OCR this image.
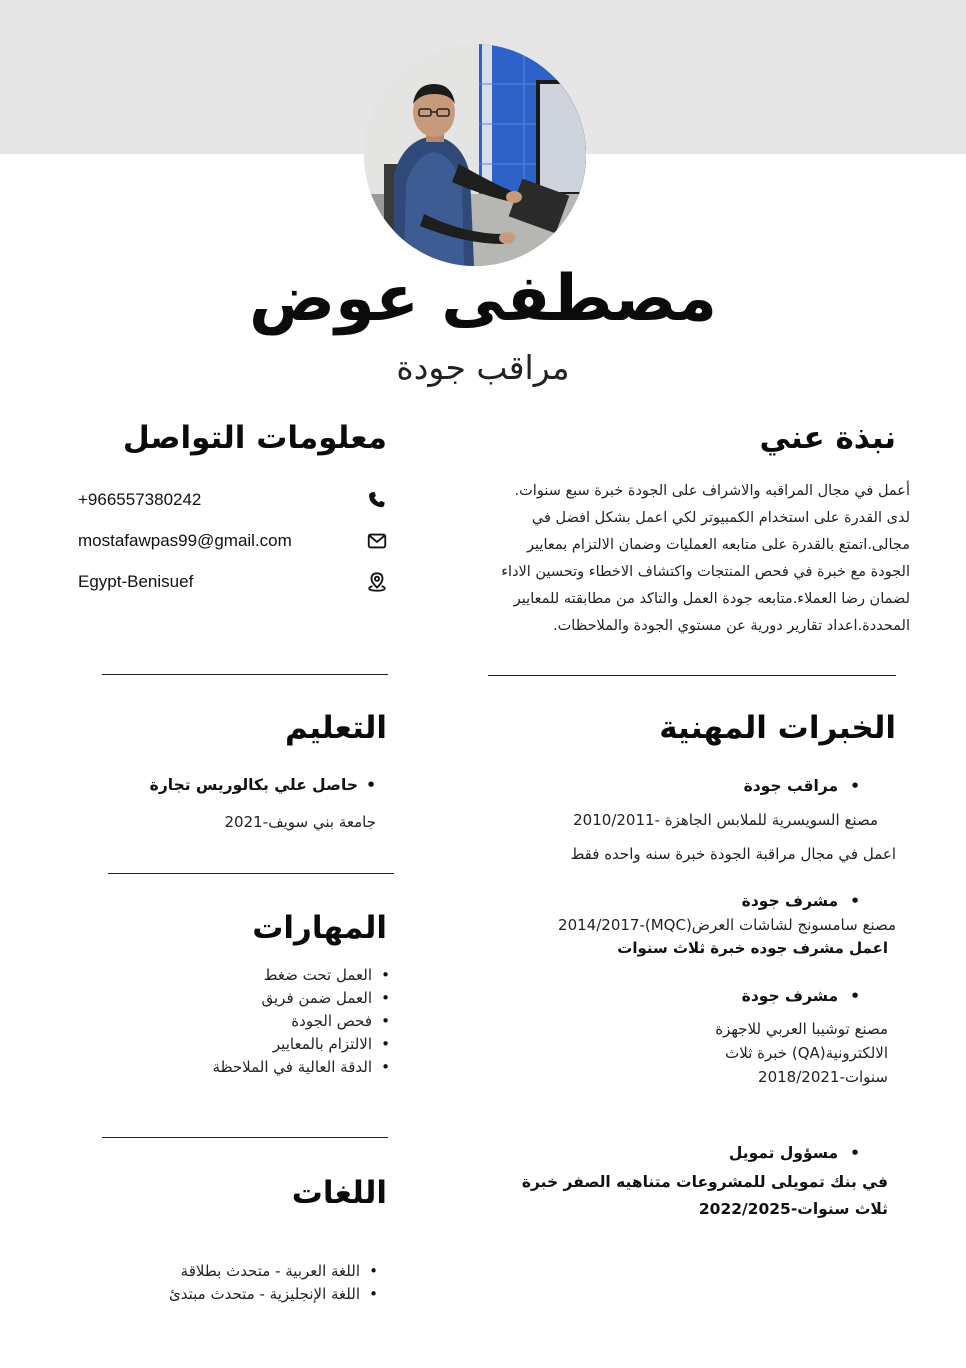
مصطفى عوض
مراقب جودة
نبذة عني
أعمل في مجال المراقبه والاشراف على الجودة خبرة سبع سنوات. لدى القدرة على استخدام الكمبيوتر لكي اعمل بشكل افضل في مجالى.اتمتع بالقدرة على متابعه العمليات وضمان الالتزام بمعايير الجودة مع خبرة في فحص المنتجات واكتشاف الاخطاء وتحسين الاداء لضمان رضا العملاء.متابعه جودة العمل والتاكد من مطابقته للمعايير المحددة.اعداد تقارير دورية عن مستوي الجودة والملاحظات.
معلومات التواصل
+966557380242
mostafawpas99@gmail.com
Egypt-Benisuef
الخبرات المهنية
• مراقب جودة
مصنع السويسرية للملابس الجاهزة -2010/2011
اعمل في مجال مراقبة الجودة خبرة سنه واحده فقط
• مشرف جودة
مصنع سامسونج لشاشات العرض(MQC)-2014/2017
اعمل مشرف جوده خبرة ثلاث سنوات
• مشرف جودة
مصنع توشيبا العربي للاجهزة الالكترونية(QA) خبرة ثلاث سنوات-2018/2021
• مسؤول تمويل
في بنك تمويلى للمشروعات متناهيه الصفر خبرة ثلاث سنوات-2022/2025
التعليم
• حاصل علي بكالوريس تجارة
جامعة بني سويف-2021
المهارات
• العمل تحت ضغط
• العمل ضمن فريق
• فحص الجودة
• الالتزام بالمعايير
• الدقة العالية في الملاحظة
اللغات
• اللغة العربية - متحدث بطلاقة
• اللغة الإنجليزية - متحدث مبتدئ
